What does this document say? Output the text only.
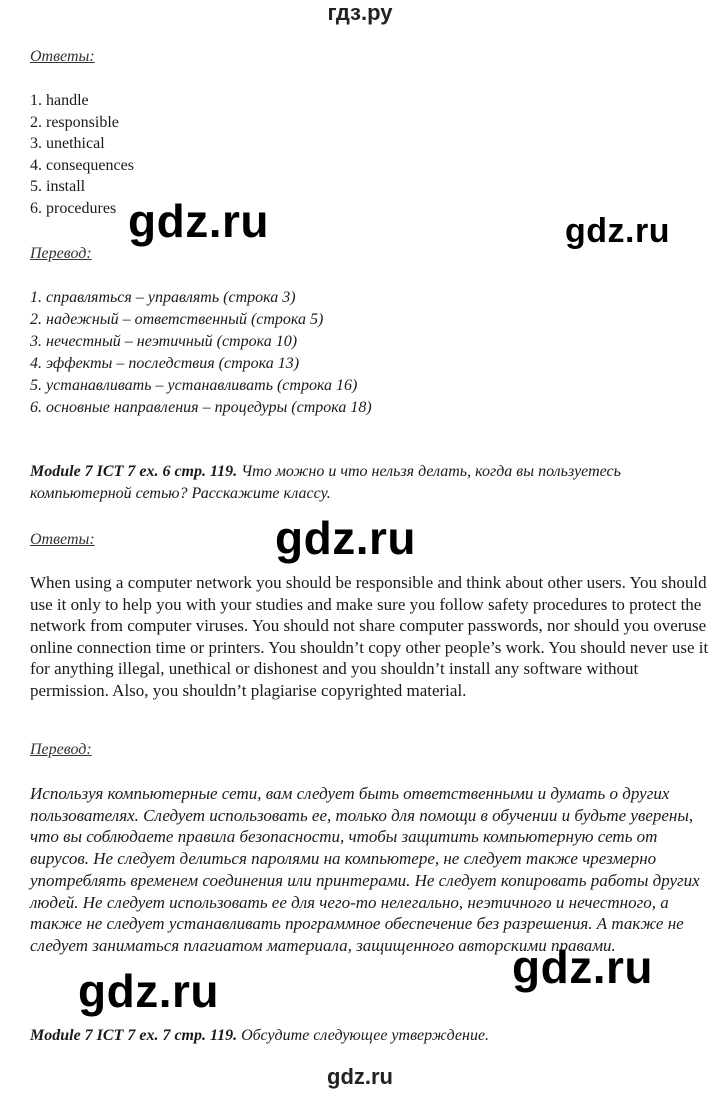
гдз.ру
Ответы:
1. handle
2. responsible
3. unethical
4. consequences
5. install
6. procedures
Перевод:
1. справляться – управлять (строка 3)
2. надежный – ответственный (строка 5)
3. нечестный – неэтичный (строка 10)
4. эффекты – последствия (строка 13)
5. устанавливать – устанавливать (строка 16)
6. основные направления – процедуры (строка 18)
Module 7 ICT 7 ex. 6 стр. 119. Что можно и что нельзя делать, когда вы пользуетесь компьютерной сетью? Расскажите классу.
Ответы:
When using a computer network you should be responsible and think about other users. You should use it only to help you with your studies and make sure you follow safety procedures to protect the network from computer viruses. You should not share computer passwords, nor should you overuse online connection time or printers. You shouldn’t copy other people’s work. You should never use it for anything illegal, unethical or dishonest and you shouldn’t install any software without permission. Also, you shouldn’t plagiarise copyrighted material.
Перевод:
Используя компьютерные сети, вам следует быть ответственными и думать о других пользователях. Следует использовать ее, только для помощи в обучении и будьте уверены, что вы соблюдаете правила безопасности, чтобы защитить компьютерную сеть от вирусов. Не следует делиться паролями на компьютере, не следует также чрезмерно употреблять временем соединения или принтерами. Не следует копировать работы других людей. Не следует использовать ее для чего-то нелегально, неэтичного и нечестного, а также не следует устанавливать программное обеспечение без разрешения. А также не следует заниматься плагиатом материала, защищенного авторскими правами.
Module 7 ICT 7 ex. 7 стр. 119. Обсудите следующее утверждение.
gdz.ru	gdz.ru
gdz.ru
gdz.ru
gdz.ru
gdz.ru
